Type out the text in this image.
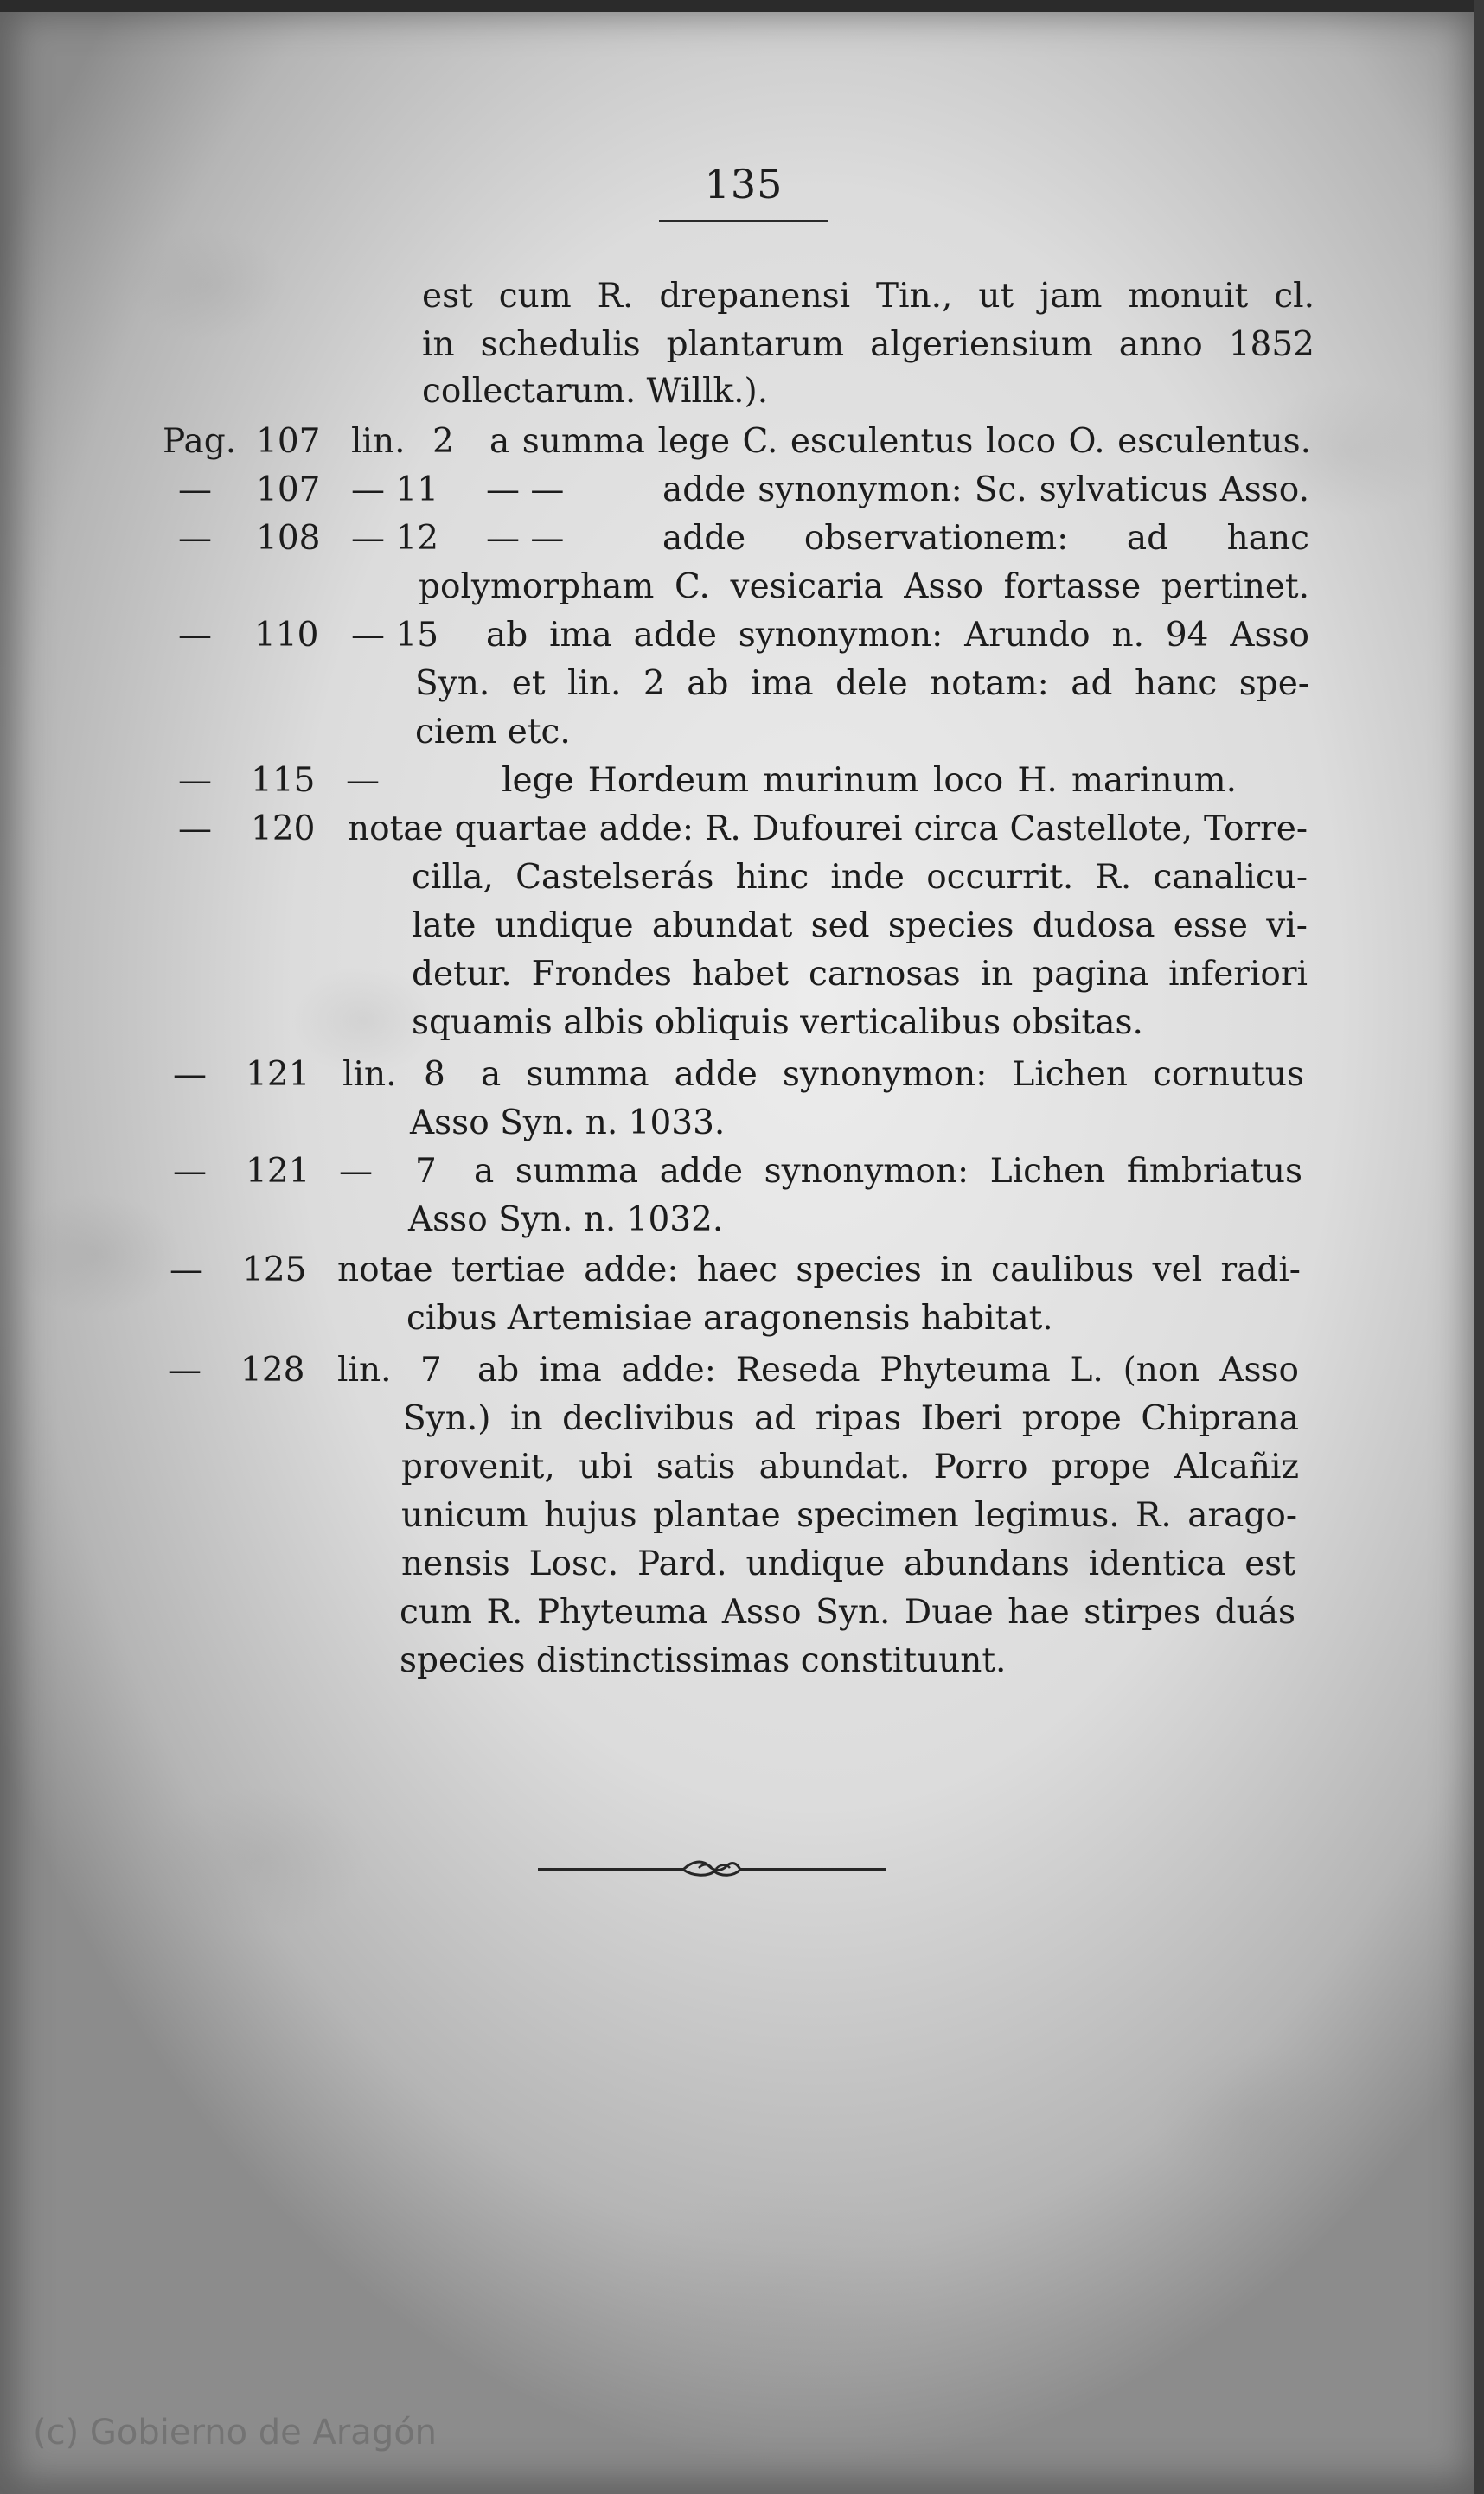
135
est cum R. drepanensi Tin., ut jam monuit cl.
in schedulis plantarum algeriensium anno 1852
collectarum. Willk.).
Pag. 107 lin. 2 a summa lege C. esculentus loco O. esculentus.
— 107 — 11 — —	adde synonymon: Sc. sylvaticus Asso.
— 108 — 12 — —	adde observationem: ad hanc
polymorpham C. vesicaria Asso fortasse pertinet.
— 110 — 15 ab ima adde synonymon: Arundo n. 94 Asso
Syn. et lin. 2 ab ima dele notam: ad hanc spe-
ciem etc.
— 115 —	lege Hordeum murinum loco H. marinum.
— 120 notae quartae adde: R. Dufourei circa Castellote, Torre-
cilla, Castelserás hinc inde occurrit. R. canalicu-
late undique abundat sed species dudosa esse vi-
detur. Frondes habet carnosas in pagina inferiori
squamis albis obliquis verticalibus obsitas.
— 121 lin. 8 a summa adde synonymon: Lichen cornutus
Asso Syn. n. 1033.
— 121 — 7 a summa adde synonymon: Lichen fimbriatus
Asso Syn. n. 1032.
— 125 notae tertiae adde: haec species in caulibus vel radi-
cibus Artemisiae aragonensis habitat.
— 128 lin. 7 ab ima adde: Reseda Phyteuma L. (non Asso
Syn.) in declivibus ad ripas Iberi prope Chiprana
provenit, ubi satis abundat. Porro prope Alcañiz
unicum hujus plantae specimen legimus. R. arago-
nensis Losc. Pard. undique abundans identica est
cum R. Phyteuma Asso Syn. Duae hae stirpes duás
species distinctissimas constituunt.
(c) Gobierno de Aragón
